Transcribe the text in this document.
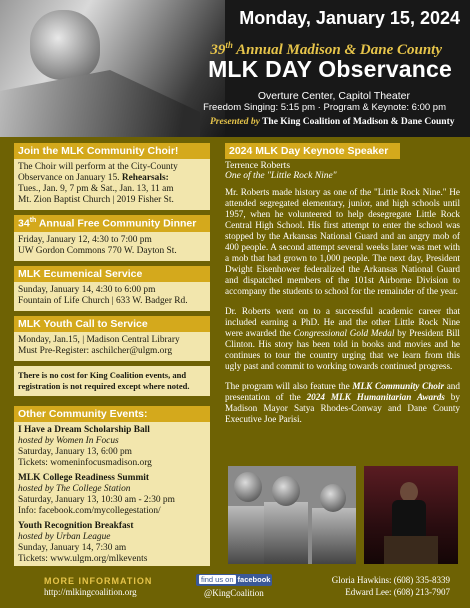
Monday, January 15, 2024
39th Annual Madison & Dane County
MLK DAY Observance
Overture Center, Capitol Theater
Freedom Singing: 5:15 pm · Program & Keynote: 6:00 pm
Presented by The King Coalition of Madison & Dane County
Join the MLK Community Choir!
The Choir will perform at the City-County Observance on January 15. Rehearsals:
Tues., Jan. 9, 7 pm & Sat., Jan. 13, 11 am
Mt. Zion Baptist Church | 2019 Fisher St.
34th Annual Free Community Dinner
Friday, January 12, 4:30 to 7:00 pm
UW Gordon Commons 770 W. Dayton St.
MLK Ecumenical Service
Sunday, January 14, 4:30 to 6:00 pm
Fountain of Life Church | 633 W. Badger Rd.
MLK Youth Call to Service
Monday, Jan.15, | Madison Central Library
Must Pre-Register: aschilcher@ulgm.org
There is no cost for King Coalition events, and registration is not required except where noted.
Other Community Events:
I Have a Dream Scholarship Ball
hosted by Women In Focus
Saturday, January 13, 6:00 pm
Tickets: womeninfocusmadison.org
MLK College Readiness Summit
hosted by The College Station
Saturday, January 13, 10:30 am - 2:30 pm
Info: facebook.com/mycollegestation/
Youth Recognition Breakfast
hosted by Urban League
Sunday, January 14, 7:30 am
Tickets: www.ulgm.org/mlkevents
2024 MLK Day Keynote Speaker
Terrence Roberts
One of the "Little Rock Nine"

Mr. Roberts made history as one of the "Little Rock Nine." He attended segregated elementary, junior, and high schools until 1957, when he volunteered to help desegregate Little Rock Central High School. His first attempt to enter the school was stopped by the Arkansas National Guard and an angry mob of 400 people. A second attempt several weeks later was met with a mob that had grown to 1,000 people. The next day, President Dwight Eisenhower federalized the Arkansas National Guard and dispatched members of the 101st Airborne Division to accompany the students to school for the remainder of the year.

Dr. Roberts went on to a successful academic career that included earning a PhD. He and the other Little Rock Nine were awarded the Congressional Gold Medal by President Bill Clinton. His story has been told in books and movies and he continues to tour the country urging that we learn from this ugly past and commit to working towards continued progress.

The program will also feature the MLK Community Choir and presentation of the 2024 MLK Humanitarian Awards by Madison Mayor Satya Rhodes-Conway and Dane County Executive Joe Parisi.

MORE INFORMATION
http://mlkingcoalition.org
find us on facebook
@KingCoalition
Gloria Hawkins: (608) 335-8339
Edward Lee: (608) 213-7907
